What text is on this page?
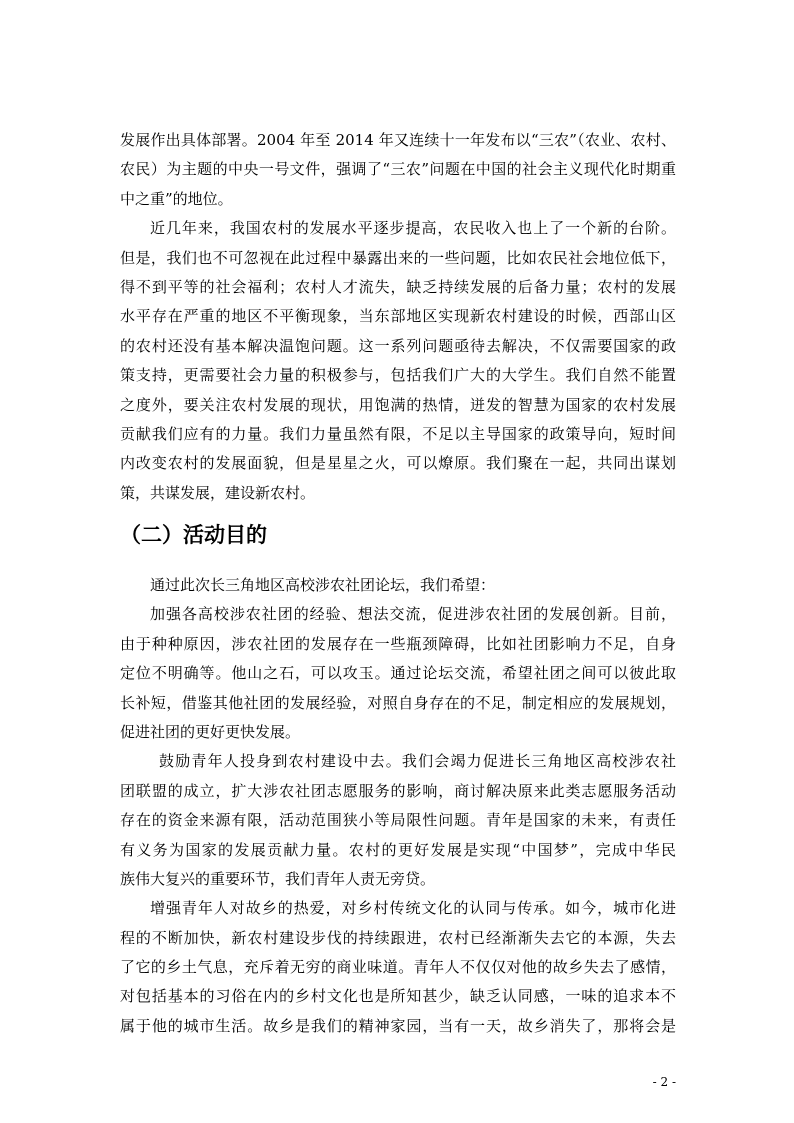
发展作出具体部署。2004 年至 2014 年又连续十一年发布以“三农”（农业、农村、
农民）为主题的中央一号文件，强调了“三农”问题在中国的社会主义现代化时期重
中之重”的地位。
近几年来，我国农村的发展水平逐步提高，农民收入也上了一个新的台阶。
但是，我们也不可忽视在此过程中暴露出来的一些问题，比如农民社会地位低下，
得不到平等的社会福利；农村人才流失，缺乏持续发展的后备力量；农村的发展
水平存在严重的地区不平衡现象，当东部地区实现新农村建设的时候，西部山区
的农村还没有基本解决温饱问题。这一系列问题亟待去解决，不仅需要国家的政
策支持，更需要社会力量的积极参与，包括我们广大的大学生。我们自然不能置
之度外，要关注农村发展的现状，用饱满的热情，迸发的智慧为国家的农村发展
贡献我们应有的力量。我们力量虽然有限，不足以主导国家的政策导向，短时间
内改变农村的发展面貌，但是星星之火，可以燎原。我们聚在一起，共同出谋划
策，共谋发展，建设新农村。
（二）活动目的
通过此次长三角地区高校涉农社团论坛，我们希望：
加强各高校涉农社团的经验、想法交流，促进涉农社团的发展创新。目前，
由于种种原因，涉农社团的发展存在一些瓶颈障碍，比如社团影响力不足，自身
定位不明确等。他山之石，可以攻玉。通过论坛交流，希望社团之间可以彼此取
长补短，借鉴其他社团的发展经验，对照自身存在的不足，制定相应的发展规划，
促进社团的更好更快发展。
鼓励青年人投身到农村建设中去。我们会竭力促进长三角地区高校涉农社
团联盟的成立，扩大涉农社团志愿服务的影响，商讨解决原来此类志愿服务活动
存在的资金来源有限，活动范围狭小等局限性问题。青年是国家的未来，有责任
有义务为国家的发展贡献力量。农村的更好发展是实现“中国梦”，完成中华民
族伟大复兴的重要环节，我们青年人责无旁贷。
增强青年人对故乡的热爱，对乡村传统文化的认同与传承。如今，城市化进
程的不断加快，新农村建设步伐的持续跟进，农村已经渐渐失去它的本源，失去
了它的乡土气息，充斥着无穷的商业味道。青年人不仅仅对他的故乡失去了感情，
对包括基本的习俗在内的乡村文化也是所知甚少，缺乏认同感，一味的追求本不
属于他的城市生活。故乡是我们的精神家园，当有一天，故乡消失了，那将会是
- 2 -
